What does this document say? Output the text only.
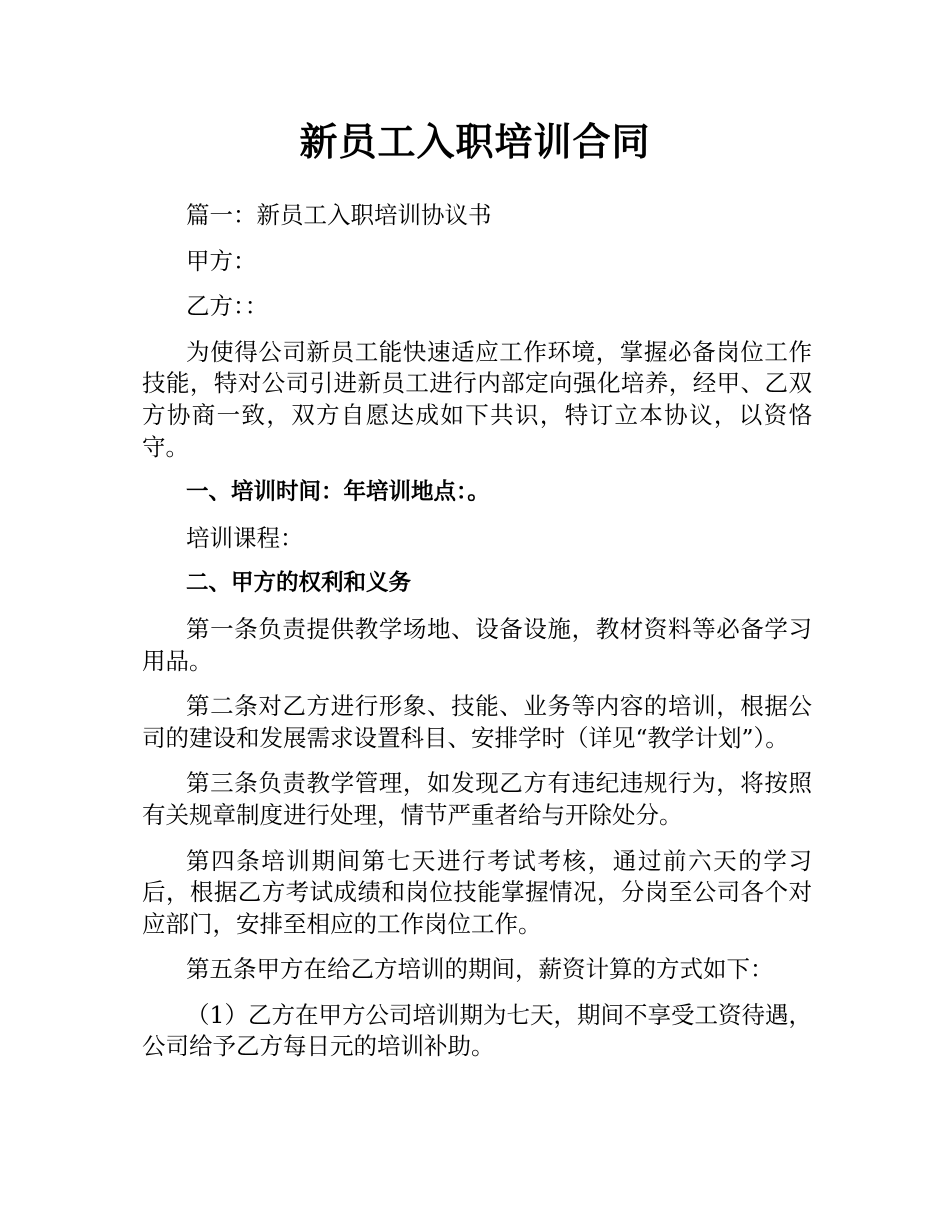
新员工入职培训合同

篇一：新员工入职培训协议书

甲方：

乙方：：

为使得公司新员工能快速适应工作环境，掌握必备岗位工作技能，特对公司引进新员工进行内部定向强化培养，经甲、乙双方协商一致，双方自愿达成如下共识，特订立本协议，以资恪守。

一、培训时间：年培训地点：。

培训课程：

二、甲方的权利和义务

第一条负责提供教学场地、设备设施，教材资料等必备学习用品。

第二条对乙方进行形象、技能、业务等内容的培训，根据公司的建设和发展需求设置科目、安排学时（详见“教学计划”）。

第三条负责教学管理，如发现乙方有违纪违规行为，将按照有关规章制度进行处理，情节严重者给与开除处分。

第四条培训期间第七天进行考试考核，通过前六天的学习后，根据乙方考试成绩和岗位技能掌握情况，分岗至公司各个对应部门，安排至相应的工作岗位工作。

第五条甲方在给乙方培训的期间，薪资计算的方式如下：

（1）乙方在甲方公司培训期为七天，期间不享受工资待遇，公司给予乙方每日元的培训补助。
